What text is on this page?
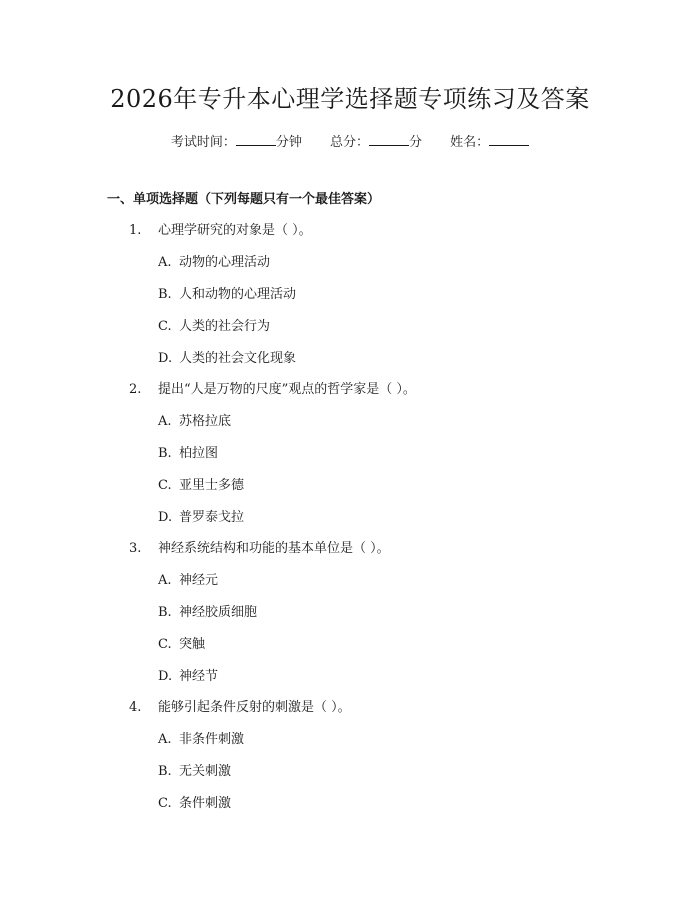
2026年专升本心理学选择题专项练习及答案
考试时间：	分钟 总分：	分 姓名：
一、单项选择题（下列每题只有一个最佳答案）
1. 心理学研究的对象是（ ）。
A. 动物的心理活动
B. 人和动物的心理活动
C. 人类的社会行为
D. 人类的社会文化现象
2. 提出“人是万物的尺度”观点的哲学家是（ ）。
A. 苏格拉底
B. 柏拉图
C. 亚里士多德
D. 普罗泰戈拉
3. 神经系统结构和功能的基本单位是（ ）。
A. 神经元
B. 神经胶质细胞
C. 突触
D. 神经节
4. 能够引起条件反射的刺激是（ ）。
A. 非条件刺激
B. 无关刺激
C. 条件刺激
